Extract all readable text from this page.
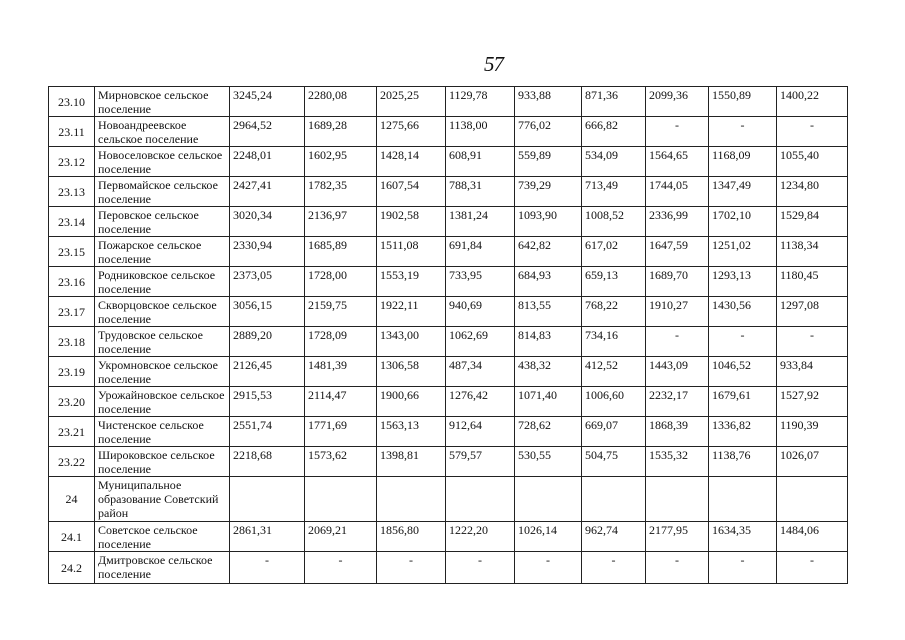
57
23.10	Мирновское сельское поселение	3245,24	2280,08	2025,25	1129,78	933,88	871,36	2099,36	1550,89	1400,22
23.11	Новоандреевское сельское поселение	2964,52	1689,28	1275,66	1138,00	776,02	666,82	-	-	-
23.12	Новоселовское сельское поселение	2248,01	1602,95	1428,14	608,91	559,89	534,09	1564,65	1168,09	1055,40
23.13	Первомайское сельское поселение	2427,41	1782,35	1607,54	788,31	739,29	713,49	1744,05	1347,49	1234,80
23.14	Перовское сельское поселение	3020,34	2136,97	1902,58	1381,24	1093,90	1008,52	2336,99	1702,10	1529,84
23.15	Пожарское сельское поселение	2330,94	1685,89	1511,08	691,84	642,82	617,02	1647,59	1251,02	1138,34
23.16	Родниковское сельское поселение	2373,05	1728,00	1553,19	733,95	684,93	659,13	1689,70	1293,13	1180,45
23.17	Скворцовское сельское поселение	3056,15	2159,75	1922,11	940,69	813,55	768,22	1910,27	1430,56	1297,08
23.18	Трудовское сельское поселение	2889,20	1728,09	1343,00	1062,69	814,83	734,16	-	-	-
23.19	Укромновское сельское поселение	2126,45	1481,39	1306,58	487,34	438,32	412,52	1443,09	1046,52	933,84
23.20	Урожайновское сельское поселение	2915,53	2114,47	1900,66	1276,42	1071,40	1006,60	2232,17	1679,61	1527,92
23.21	Чистенское сельское поселение	2551,74	1771,69	1563,13	912,64	728,62	669,07	1868,39	1336,82	1190,39
23.22	Широковское сельское поселение	2218,68	1573,62	1398,81	579,57	530,55	504,75	1535,32	1138,76	1026,07
24	Муниципальное образование Советский район									
24.1	Советское сельское поселение	2861,31	2069,21	1856,80	1222,20	1026,14	962,74	2177,95	1634,35	1484,06
24.2	Дмитровское сельское поселение	-	-	-	-	-	-	-	-	-
